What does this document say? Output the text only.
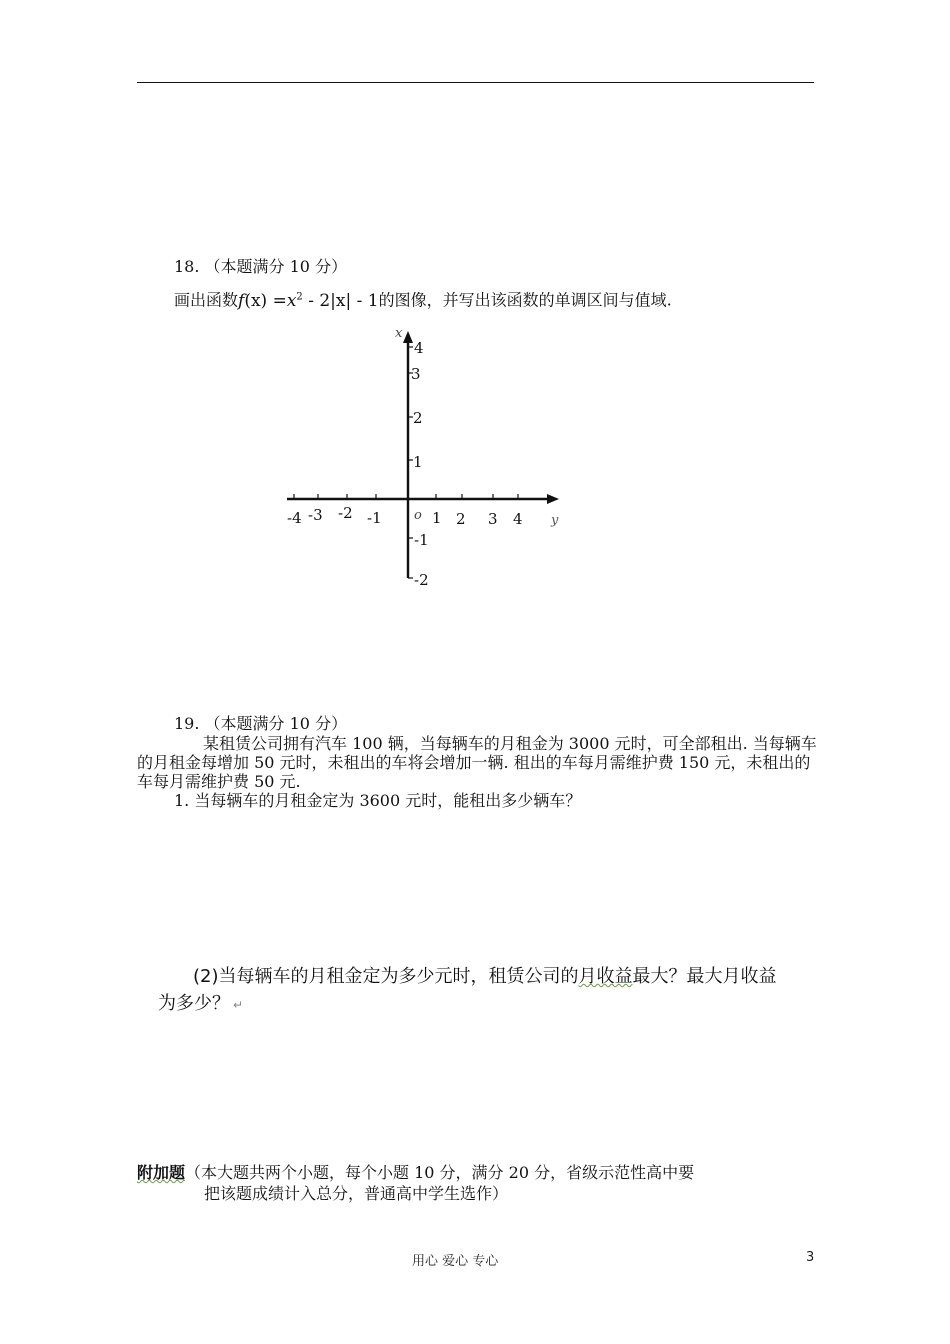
18. （本题满分 10 分）
画出函数$f(x) =x^2 - 2|x| - 1$的图像，并写出该函数的单调区间与值域.
-4 -3 -2 -1	1 2 3 4
4
3
2
1
-1
-2
o
x
y
19. （本题满分 10 分）
某租赁公司拥有汽车 100 辆，当每辆车的月租金为 3000 元时，可全部租出. 当每辆车的月租金每增加 50 元时，未租出的车将会增加一辆. 租出的车每月需维护费 150 元，未租出的车每月需维护费 50 元.
1. 当每辆车的月租金定为 3600 元时，能租出多少辆车？
(2)当每辆车的月租金定为多少元时，租赁公司的月收益最大？最大月收益
为多少？ ↵
附加题（本大题共两个小题，每个小题 10 分，满分 20 分，省级示范性高中要
把该题成绩计入总分，普通高中学生选作）
用心 爱心 专心	3
